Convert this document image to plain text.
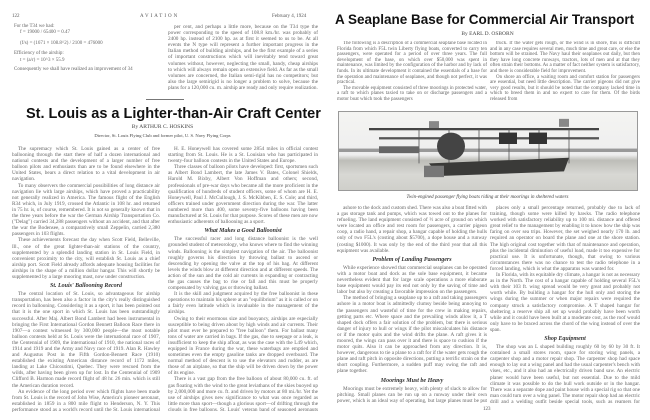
122	AVIATION	February 4, 1924
For the T34 we had:
f = 19000 / 65400 = 0.47
(f/s) = (1671 × 108.8^2) / 2100 = 476000
Efficiency of the airship:
t = (a/r) = 10^3 × 55.9
Consequently we shall have realized an improvement of 34

per cent, and perhaps a little more, because on the T34 type the power corresponding to the speed of 108.8 km./hr. was probably of 2400 hp. instead of 2100 hp. as at first it seemed to us to be. At all events the N type will represent a further important progress in the Italian method of building airships, and be the first example of a series of important constructions which will inevitably tend toward great volumes without, however, neglecting the small, handy, cheap airships to which will always remain open an extensive field. As far as the small volumes are concerned, the Italian semi-rigid has no competitors; but also the large semirigid is no longer a problem to solve, because the plans for a 120,000 cu. m. airship are ready and only require realization.

St. Louis as a Lighter-than-Air Craft Center
By ARTHUR C. HOSKINS
Director, St. Louis Flying Club and former pilot, U. S. Navy Flying Corps

The supremacy which St. Louis gained as a center of free ballooning through the start there of half a dozen international and national contests and the development of a larger number of free balloon pilots and enthusiasts than are to be found elsewhere in the United States, bears a direct relation to a vital development in air navigation.

To many observers the commercial possibilities of long distance air navigation lie with large airships, which have proved a practicability not generally realized in America. The famous flight of the English R34 which, in July 1919, crossed the Atlantic in 108 hr. and returned in 75 hr. is, of course, remembered. It is not so generally known that in the three years before the war the German Airship Transportation Co. ("Delag") carried 34,288 passengers without an accident, and that after the war the Bodensee, a comparatively small Zeppelin, carried 2,380 passengers in 103 flights.

These achievements forecast the day when Scott Field, Belleville, Ill., one of the great lighter-than-air stations of the country, supplemented by a splendid landing station in St. Louis Field, in convenient proximity to the city, will establish St. Louis as a chief airship port. Scott Field already affords adequate housing facilities for airships in the shape of a million dollar hangar. This will shortly be supplemented by a large mooring mast, now under construction.

St. Louis' Ballooning Record

The central location of St. Louis, so advantageous for airship transportation, has been also a factor in the city's really distinguished record in ballooning. Considering it as a sport, it has been pointed out that it is the one sport in which St. Louis has been outstandingly successful. After Maj. Albert Bond Lambert had been instrumental in bringing the First International Gordon Bennett Balloon Race there in 1907—a contest witnessed by 300,000 people—the most notable balloon contests held at St. Louis were the international race of 1907, the Centennial of 1909, the international of 1910, the national races of 1914 and 1919 and the Army and Navy race of 1919. Alan R. Hawley and Augustus Post in the Fifth Gordon-Bennett Race (1910) established the existing American distance record of 1172 miles, landing at Lake Chicoutimi, Quebec. They were rescued from the wilds, after having been given up for lost. In the Centennial of 1909 Clifford B. Harmon made record flight of 48 hr. 26 min. which is still the American duration record.

An evidence of the long period over which flights have been made from St. Louis is the record of John Wise, America's pioneer aeronaut, established in 1859 in a 800 mile flight to Henderson, N. Y. This performance stood as a world's record until the St. Louis international

H. E. Honeywell has covered some 2854 miles in official contest starting from St. Louis. He is a St. Louisian who has participated in twenty-four balloon contests in the United States and Europe.

Three classes of balloon pilots have developed: first, sportsmen such as Albert Bond Lambert, the late James V. Bates, Colonel Shields, Harold M. Bixby, Albert Von Hoffman and others; second, professionals of pre-war days who became all the more proficient in the qualification of hundreds of student officers, some of whom are H. E. Honeywell, Paul J. McCullough, J. S. McKibben, E. S. Cole; and third, officers trained under government direction during the war. The latter numbered more than 400, some seventy-five balloons having been manufactured at St. Louis for that purpose. Scores of these men are now enthusiastic adherents of ballooning as a sport.

What Makes a Good Balloonist

The successful racer and long distance balloonist is the well grounded student of meteorology, who knows where to find the winning winds. Ballooning is the simplest navigation of the air. The balloonist roughly governs his direction by throwing ballast to ascend or descending by opening the valve at the top of his bag. At different levels the winds blow at different direction and at different speeds. The action of the sun and the cold air currents in expanding or contracting the gas causes the bag to rise or fall and this must be properly compensated by valving gas or throwing ballast.

It is the skill and judgment acquired by the free balloonist in these operations to maintain his sphere at an "equilibrium" as it is called or on a fairly even latitude which is invaluable in the management of the airships.

Owing to their enormous size and buoyancy, airships are especially susceptible to being driven about by high winds and air currents. Their pilot must ever be prepared to "free balloon" them. For ballast many tons of water are carried in bags. If the gas, due to seepage or a leak, is insufficient to keep the ship afloat, as was the case with the L49 which, equipped in France during the war, these waterbags are emptied and sometimes even the empty gasoline tanks are dropped overboard. The normal method of descent is to use the elevators and rudder, as are those of an airplane, so that the ship will be driven down by the power of its engine.

There is a vast gap from the free balloon of about 80,000 cu. ft. of gas floating with the wind to the great leviathans of the skies buoyed up by 2,000,000 and more cu. ft. and driven by motors at 80 mi./hr. Yet the use of airships gives new significance to what was once regarded as little more than sport—though a glorious sport—of drifting through the clouds in free balloons. St. Louis' veteran band of seasoned aeronauts

A Seaplane Base for Commercial Air Transport
By EARL D. OSBORN

The following is a description of a commercial seaplane base located in Florida from which F5L twin Liberty flying boats, converted to carry ten passengers, were operated for a period of over three years. The full development of the base, on which over $50,000 was spent in maintenance, was limited by the configuration of the harbor and by lack of funds. In its ultimate development it contained the essentials of a base for the operation and maintenance of seaplanes, and though not perfect, it was practical.

The movable equipment consisted of three moorings in protected water, a raft to which planes taxied to take on or discharge passengers and a motor boat which took the passengers

truck. If the water gets rough, or the wind is in shore, this is difficult and in any case requires several men, much time and great care, or else the bottom will be strained. The Navy haul their seaplanes out daily, but then they have long concrete runways, tractors, lots of men and at that they often strain their bottoms. As a matter of fact neither system is satisfactory, and there is considerable field for improvement.

On shore an office, a waiting room and comfort station for passengers are essential, but need little description. The carrier pigeons did not give very good results, but it should be noted that the company lacked time in which to breed them in and no expert to care for them. Of the birds released from

Twin-engined passenger flying boats riding at their moorings in sheltered waters

ashore to the dock and custom shed. There was also a boat fitted with a gas storage tank and pumps, which was towed out to the planes for refueling. The land equipment consisted of ½ acre of ground on which were located an office and rest room for passengers, a carrier pigeon coop, a radio hand, a repair shop, a hangar capable of holding the hulls only of two F5L's (costing about $5700), a dope house and a runway (costing $1000). It was only by the end of the third year that all this equipment was available.

Problem of Landing Passengers

While experience showed that commercial seaplanes can be operated with a motor boat and dock as the sole base equipment, it became nevertheless evident that for large scale operations a more elaborate base equipment would pay its end not only by the saving of time and labor but also by creating a favorable impression on the passengers.

The method of bringing a seaplane up to a raft and taking passengers ashore in a motor boat is admittedly clumsy beside being annoying to the passengers and wasteful of time for the crew in making repairs, getting parts etc. Where space and the prevailing winds allow it, a T shaped dock offers a fair solution of the problem, but there is serious danger of injury to hull or wings if the pilot miscalculates his distance or if the motor quits and the wind drifts the plane. A raft gives it is moored, the wings can pass over it and there is space to cushion if the motor quits. Also it can be approached from any direction. It is, however, dangerous to tie a plane to a raft for if the water gets rough the plane and raft pitch in opposite directions, putting a terrific strain on the short coupling. Furthermore, a sudden puff may swing the raft and plane together.

Moorings Must be Heavy

Moorings must be extremely heavy, with plenty of slack to allow for pitching. Small planes can be run up on a runway under their own power, which is an ideal way of operating, but large planes must be put

places only a small percentage returned, probably due to lack of training, though some were killed by hawks. The radio telephone worked with satisfactory reliability up to 100 mi. distance and offered great relief to the management by enabling it to know how the ship was faring on over sea trips. However, the set weighed nearly 170 lb. and required an operator on board the plane and one at the shore station. The high original cost together with that of maintenance and operation, plus the incidental diminution of useful load, made it too expensive for practical use. It is unfortunate, though, that owing to various circumstances there was no chance to test the radio telephone in a forced landing, which is what the apparatus was wanted for.

In Florida, with its equitable dry climate, a hangar is not as necessary as in the North. The cost of a hangar capable of holding several F5L's with their 103 ft. wing spread would be very great and probably not worth while. By building a hangar for the hull only and storing the wings during the summer or when major repairs were required the company struck a satisfactory compromise. A T shaped hangar for sheltering a reserve ship all set up would probably have been worth while and it could have been built at a moderate cost, as the roof would only have to be braced across the chord of the wing instead of over the span.

Shop Equipment

The shop was an L shaped building roughly 60 by 60 by 30 ft. It contained a small stores room, space for storing wing panels, a carpenter shop and a motor repair shop. The carpenter shop had space enough to lay out a wing panel and had the usual carpenter's bench with vises, etc., and it also had an electrically driven band saw. An electric planer would have been useful, but not essential. Due to the mild climate it was possible to do the hull work outside or in the hangar. There was a separate dope and paint house with a special rig so that one man could turn over a wing panel. The motor repair shop had an electric drill and a welding outfit beside special tools, such as reamers for

123
